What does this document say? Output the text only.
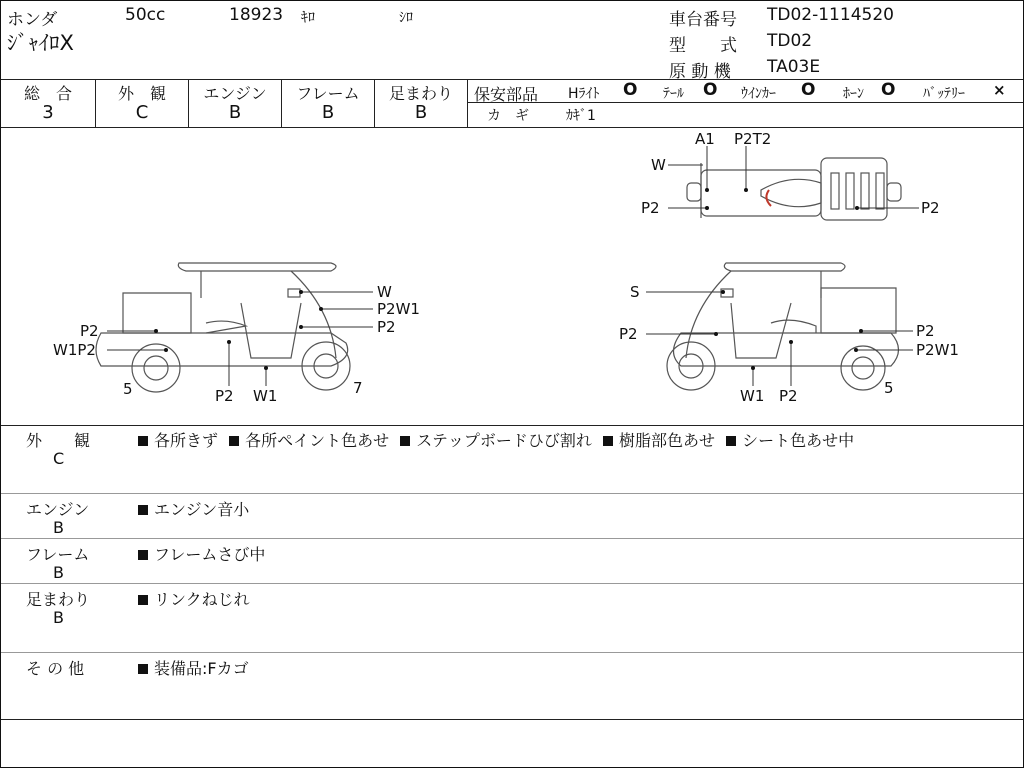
ホンダ	50cc	18923 ｷﾛ	ｼﾛ
ｼﾞｬｲﾛX
車台番号 TD02-1114520
型　　式 TD02
原 動 機 TA03E
総　合
3
外　観
C
エンジン
B
フレーム
B
足まわり
B
保安部品 Hﾗｲﾄ O ﾃｰﾙ O ｳｲﾝｶｰ O ﾎｰﾝ O ﾊﾞｯﾃﾘｰ ×
カ　ギ	ｶｷﾞ1
W
P2W1
P2
P2
W1P2
5	7
P2 W1
S
P2	P2
P2W1
5
W1 P2
A1 P2T2
W
P2	P2
外　　観
C
各所きず 各所ペイント色あせ ステップボードひび割れ 樹脂部色あせ シート色あせ中
エンジン
B
エンジン音小
フレーム
B
フレームさび中
足まわり
B
リンクねじれ
そ の 他	装備品:Fカゴ
